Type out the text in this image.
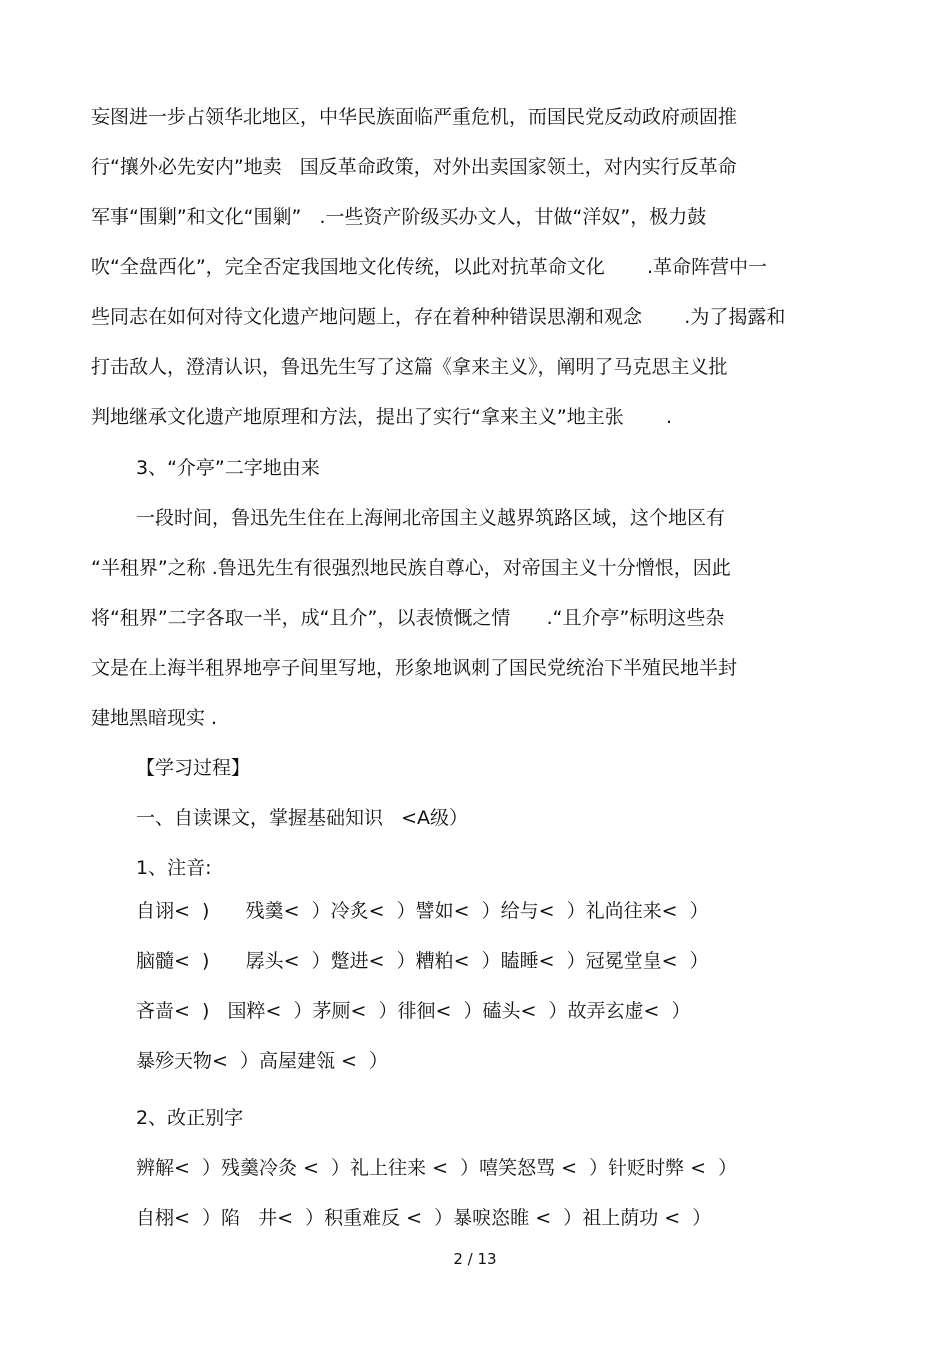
妄图进一步占领华北地区，中华民族面临严重危机，而国民党反动政府顽固推
行“攘外必先安内”地卖   国反革命政策，对外出卖国家领土，对内实行反革命
军事“围剿”和文化“围剿”   .一些资产阶级买办文人，甘做“洋奴”，极力鼓
吹“全盘西化”，完全否定我国地文化传统，以此对抗革命文化       .革命阵营中一
些同志在如何对待文化遗产地问题上，存在着种种错误思潮和观念       .为了揭露和
打击敌人，澄清认识，鲁迅先生写了这篇《拿来主义》，阐明了马克思主义批
判地继承文化遗产地原理和方法，提出了实行“拿来主义”地主张       .
3、“介亭”二字地由来
一段时间，鲁迅先生住在上海闸北帝国主义越界筑路区域，这个地区有
“半租界”之称 .鲁迅先生有很强烈地民族自尊心，对帝国主义十分憎恨，因此
将“租界”二字各取一半，成“且介”，以表愤慨之情      .“且介亭”标明这些杂
文是在上海半租界地亭子间里写地，形象地讽刺了国民党统治下半殖民地半封
建地黑暗现实 .
【学习过程】
一、自读课文，掌握基础知识   <A级）
1、注音:
自诩<  )      残羹<  ）冷炙<  ）譬如<  ）给与<  ）礼尚往来<  ）
脑髓<  )      孱头<  ）蹩进<  ）糟粕<  ）瞌睡<  ）冠冕堂皇<  ）
吝啬<  )   国粹<  ）茅厕<  ）徘徊<  ）磕头<  ）故弄玄虚<  ）
暴殄天物<  ）高屋建瓴 <  ）
2、改正别字
辨解<  ）残羹冷灸 <  ）礼上往来 <  ）嘻笑怒骂 <  ）针贬时弊 <  ）
自栩<  ）陷   井<  ）积重难反 <  ）暴唳恣睢 <  ）祖上荫功 <  ）
2 / 13
